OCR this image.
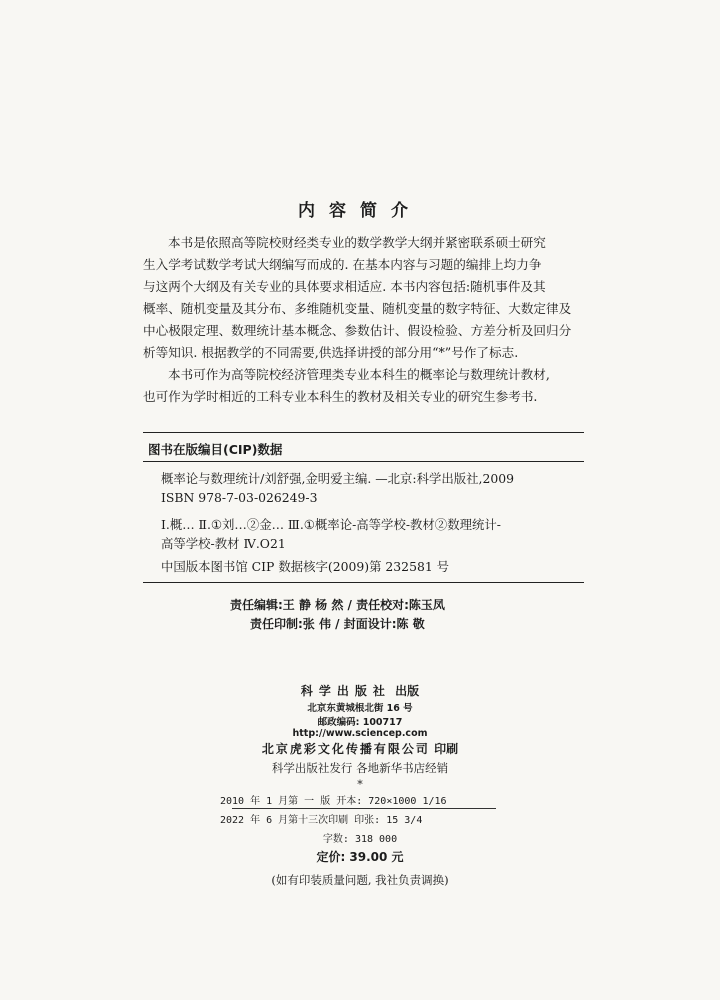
内容简介
本书是依照高等院校财经类专业的数学教学大纲并紧密联系硕士研究
生入学考试数学考试大纲编写而成的. 在基本内容与习题的编排上均力争
与这两个大纲及有关专业的具体要求相适应. 本书内容包括:随机事件及其
概率、随机变量及其分布、多维随机变量、随机变量的数字特征、大数定律及
中心极限定理、数理统计基本概念、参数估计、假设检验、方差分析及回归分
析等知识. 根据教学的不同需要,供选择讲授的部分用“*”号作了标志.
本书可作为高等院校经济管理类专业本科生的概率论与数理统计教材,
也可作为学时相近的工科专业本科生的教材及相关专业的研究生参考书.
图书在版编目(CIP)数据
概率论与数理统计/刘舒强,金明爱主编. —北京:科学出版社,2009
ISBN 978-7-03-026249-3
Ⅰ.概… Ⅱ.①刘…②金… Ⅲ.①概率论-高等学校-教材②数理统计-
高等学校-教材 Ⅳ.O21
中国版本图书馆 CIP 数据核字(2009)第 232581 号
责任编辑:王 静 杨 然 / 责任校对:陈玉凤
责任印制:张 伟 / 封面设计:陈 敬
科学出版社 出版
北京东黄城根北街 16 号
邮政编码: 100717
http://www.sciencep.com
北京虎彩文化传播有限公司 印刷
科学出版社发行 各地新华书店经销
*
2010 年 1 月第 一 版 开本: 720×1000 1/16
2022 年 6 月第十三次印刷 印张: 15 3/4
字数: 318 000
定价: 39.00 元
(如有印装质量问题, 我社负责调换)
